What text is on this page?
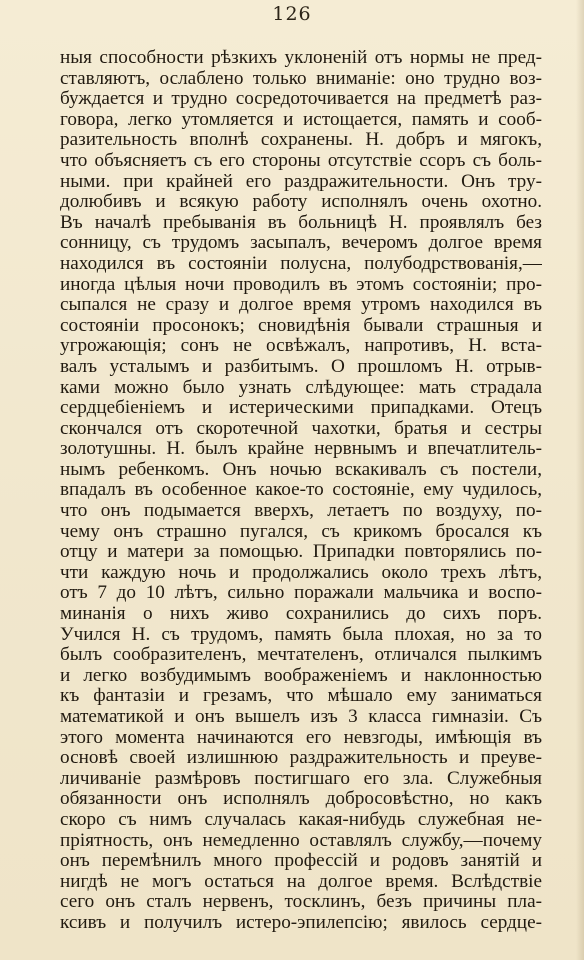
126
ныя способности рѣзкихъ уклоненій отъ нормы не пред-
ставляютъ, ослаблено только вниманіе: оно трудно воз-
буждается и трудно сосредоточивается на предметѣ раз-
говора, легко утомляется и истощается, память и сооб-
разительность вполнѣ сохранены. Н. добръ и мягокъ,
что объясняетъ съ его стороны отсутствіе ссоръ съ боль-
ными. при крайней его раздражительности. Онъ тру-
долюбивъ и всякую работу исполнялъ очень охотно.
Въ началѣ пребыванія въ больницѣ Н. проявлялъ без
сонницу, съ трудомъ засыпалъ, вечеромъ долгое время
находился въ состояніи полусна, полубодрствованія,—
иногда цѣлыя ночи проводилъ въ этомъ состояніи; про-
сыпался не сразу и долгое время утромъ находился въ
состояніи просонокъ; сновидѣнія бывали страшныя и
угрожающія; сонъ не освѣжалъ, напротивъ, Н. вста-
валъ усталымъ и разбитымъ. О прошломъ Н. отрыв-
ками можно было узнать слѣдующее: мать страдала
сердцебіеніемъ и истерическими припадками. Отецъ
скончался отъ скоротечной чахотки, братья и сестры
золотушны. Н. былъ крайне нервнымъ и впечатлитель-
нымъ ребенкомъ. Онъ ночью вскакивалъ съ постели,
впадалъ въ особенное какое-то состояніе, ему чудилось,
что онъ подымается вверхъ, летаетъ по воздуху, по-
чему онъ страшно пугался, съ крикомъ бросался къ
отцу и матери за помощью. Припадки повторялись по-
чти каждую ночь и продолжались около трехъ лѣтъ,
отъ 7 до 10 лѣтъ, сильно поражали мальчика и воспо-
минанія о нихъ живо сохранились до сихъ поръ.
Учился Н. съ трудомъ, память была плохая, но за то
былъ сообразителенъ, мечтателенъ, отличался пылкимъ
и легко возбудимымъ воображеніемъ и наклонностью
къ фантазіи и грезамъ, что мѣшало ему заниматься
математикой и онъ вышелъ изъ 3 класса гимназіи. Съ
этого момента начинаются его невзгоды, имѣющія въ
основѣ своей излишнюю раздражительность и преуве-
личиваніе размѣровъ постигшаго его зла. Служебныя
обязанности онъ исполнялъ добросовѣстно, но какъ
скоро съ нимъ случалась какая-нибудь служебная не-
пріятность, онъ немедленно оставлялъ службу,—почему
онъ перемѣнилъ много профессій и родовъ занятій и
нигдѣ не могъ остаться на долгое время. Вслѣдствіе
сего онъ сталъ нервенъ, тосклинъ, безъ причины пла-
ксивъ и получилъ истеро-эпилепсію; явилось сердце-
